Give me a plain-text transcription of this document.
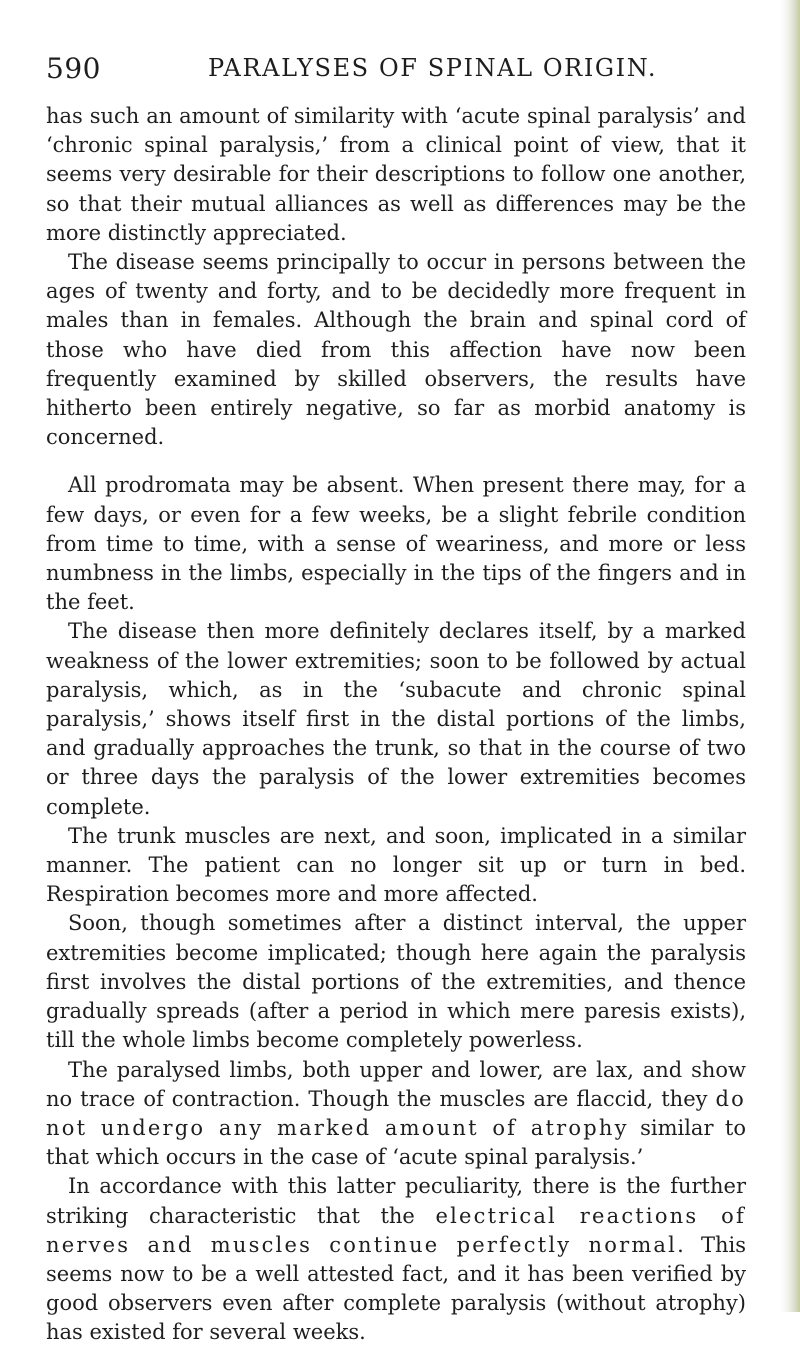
590	PARALYSES OF SPINAL ORIGIN.

has such an amount of similarity with ‘acute spinal paralysis’ and ‘chronic spinal paralysis,’ from a clinical point of view, that it seems very desirable for their descriptions to follow one another, so that their mutual alliances as well as differences may be the more distinctly appreciated.

The disease seems principally to occur in persons between the ages of twenty and forty, and to be decidedly more frequent in males than in females. Although the brain and spinal cord of those who have died from this affection have now been frequently examined by skilled observers, the results have hitherto been entirely negative, so far as morbid anatomy is concerned.

All prodromata may be absent. When present there may, for a few days, or even for a few weeks, be a slight febrile condition from time to time, with a sense of weariness, and more or less numbness in the limbs, especially in the tips of the fingers and in the feet.

The disease then more definitely declares itself, by a marked weakness of the lower extremities; soon to be followed by actual paralysis, which, as in the ‘subacute and chronic spinal paralysis,’ shows itself first in the distal portions of the limbs, and gradually approaches the trunk, so that in the course of two or three days the paralysis of the lower extremities becomes complete.

The trunk muscles are next, and soon, implicated in a similar manner. The patient can no longer sit up or turn in bed. Respiration becomes more and more affected.

Soon, though sometimes after a distinct interval, the upper extremities become implicated; though here again the paralysis first involves the distal portions of the extremities, and thence gradually spreads (after a period in which mere paresis exists), till the whole limbs become completely powerless.

The paralysed limbs, both upper and lower, are lax, and show no trace of contraction. Though the muscles are flaccid, they do not undergo any marked amount of atrophy similar to that which occurs in the case of ‘acute spinal paralysis.’

In accordance with this latter peculiarity, there is the further striking characteristic that the electrical reactions of nerves and muscles continue perfectly normal. This seems now to be a well attested fact, and it has been verified by good observers even after complete paralysis (without atrophy) has existed for several weeks.
